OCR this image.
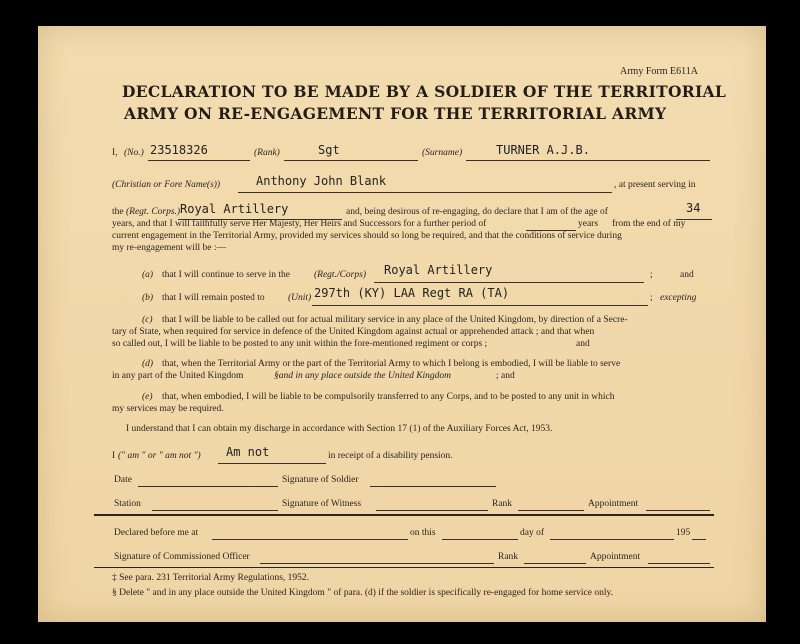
Army Form E611A
DECLARATION TO BE MADE BY A SOLDIER OF THE TERRITORIAL
ARMY ON RE-ENGAGEMENT FOR THE TERRITORIAL ARMY
I, (No.) 23518326	(Rank)	Sgt	(Surname)	TURNER A.J.B.
(Christian or Fore Name(s))	Anthony John Blank	, at present serving in
the (Regt. Corps.) Royal Artillery	and, being desirous of re-engaging, do declare that I am of the age of	34
years, and that I will faithfully serve Her Majesty, Her Heirs and Successors for a further period of	years from the end of my
current engagement in the Territorial Army, provided my services should so long be required, and that the conditions of service during
my re-engagement will be :—
(a) that I will continue to serve in the	(Regt./Corps) Royal Artillery	;	and
(b) that I will remain posted to (Unit) 297th (KY) LAA Regt RA (TA)	; excepting
(c) that I will be liable to be called out for actual military service in any place of the United Kingdom, by direction of a Secre-
tary of State, when required for service in defence of the United Kingdom against actual or apprehended attack ; and that when
so called out, I will be liable to be posted to any unit within the fore-mentioned regiment or corps ;	and
(d) that, when the Territorial Army or the part of the Territorial Army to which I belong is embodied, I will be liable to serve
in any part of the United Kingdom	§and in any place outside the United Kingdom	; and
(e) that, when embodied, I will be liable to be compulsorily transferred to any Corps, and to be posted to any unit in which
my services may be required.
I understand that I can obtain my discharge in accordance with Section 17 (1) of the Auxiliary Forces Act, 1953.
I (" am " or " am not ") Am not	in receipt of a disability pension.
Date	Signature of Soldier
Station	Signature of Witness	Rank	Appointment
Declared before me at	on this	day of	195
Signature of Commissioned Officer	Rank	Appointment
‡ See para. 231 Territorial Army Regulations, 1952.
§ Delete " and in any place outside the United Kingdom " of para. (d) if the soldier is specifically re-engaged for home service only.
